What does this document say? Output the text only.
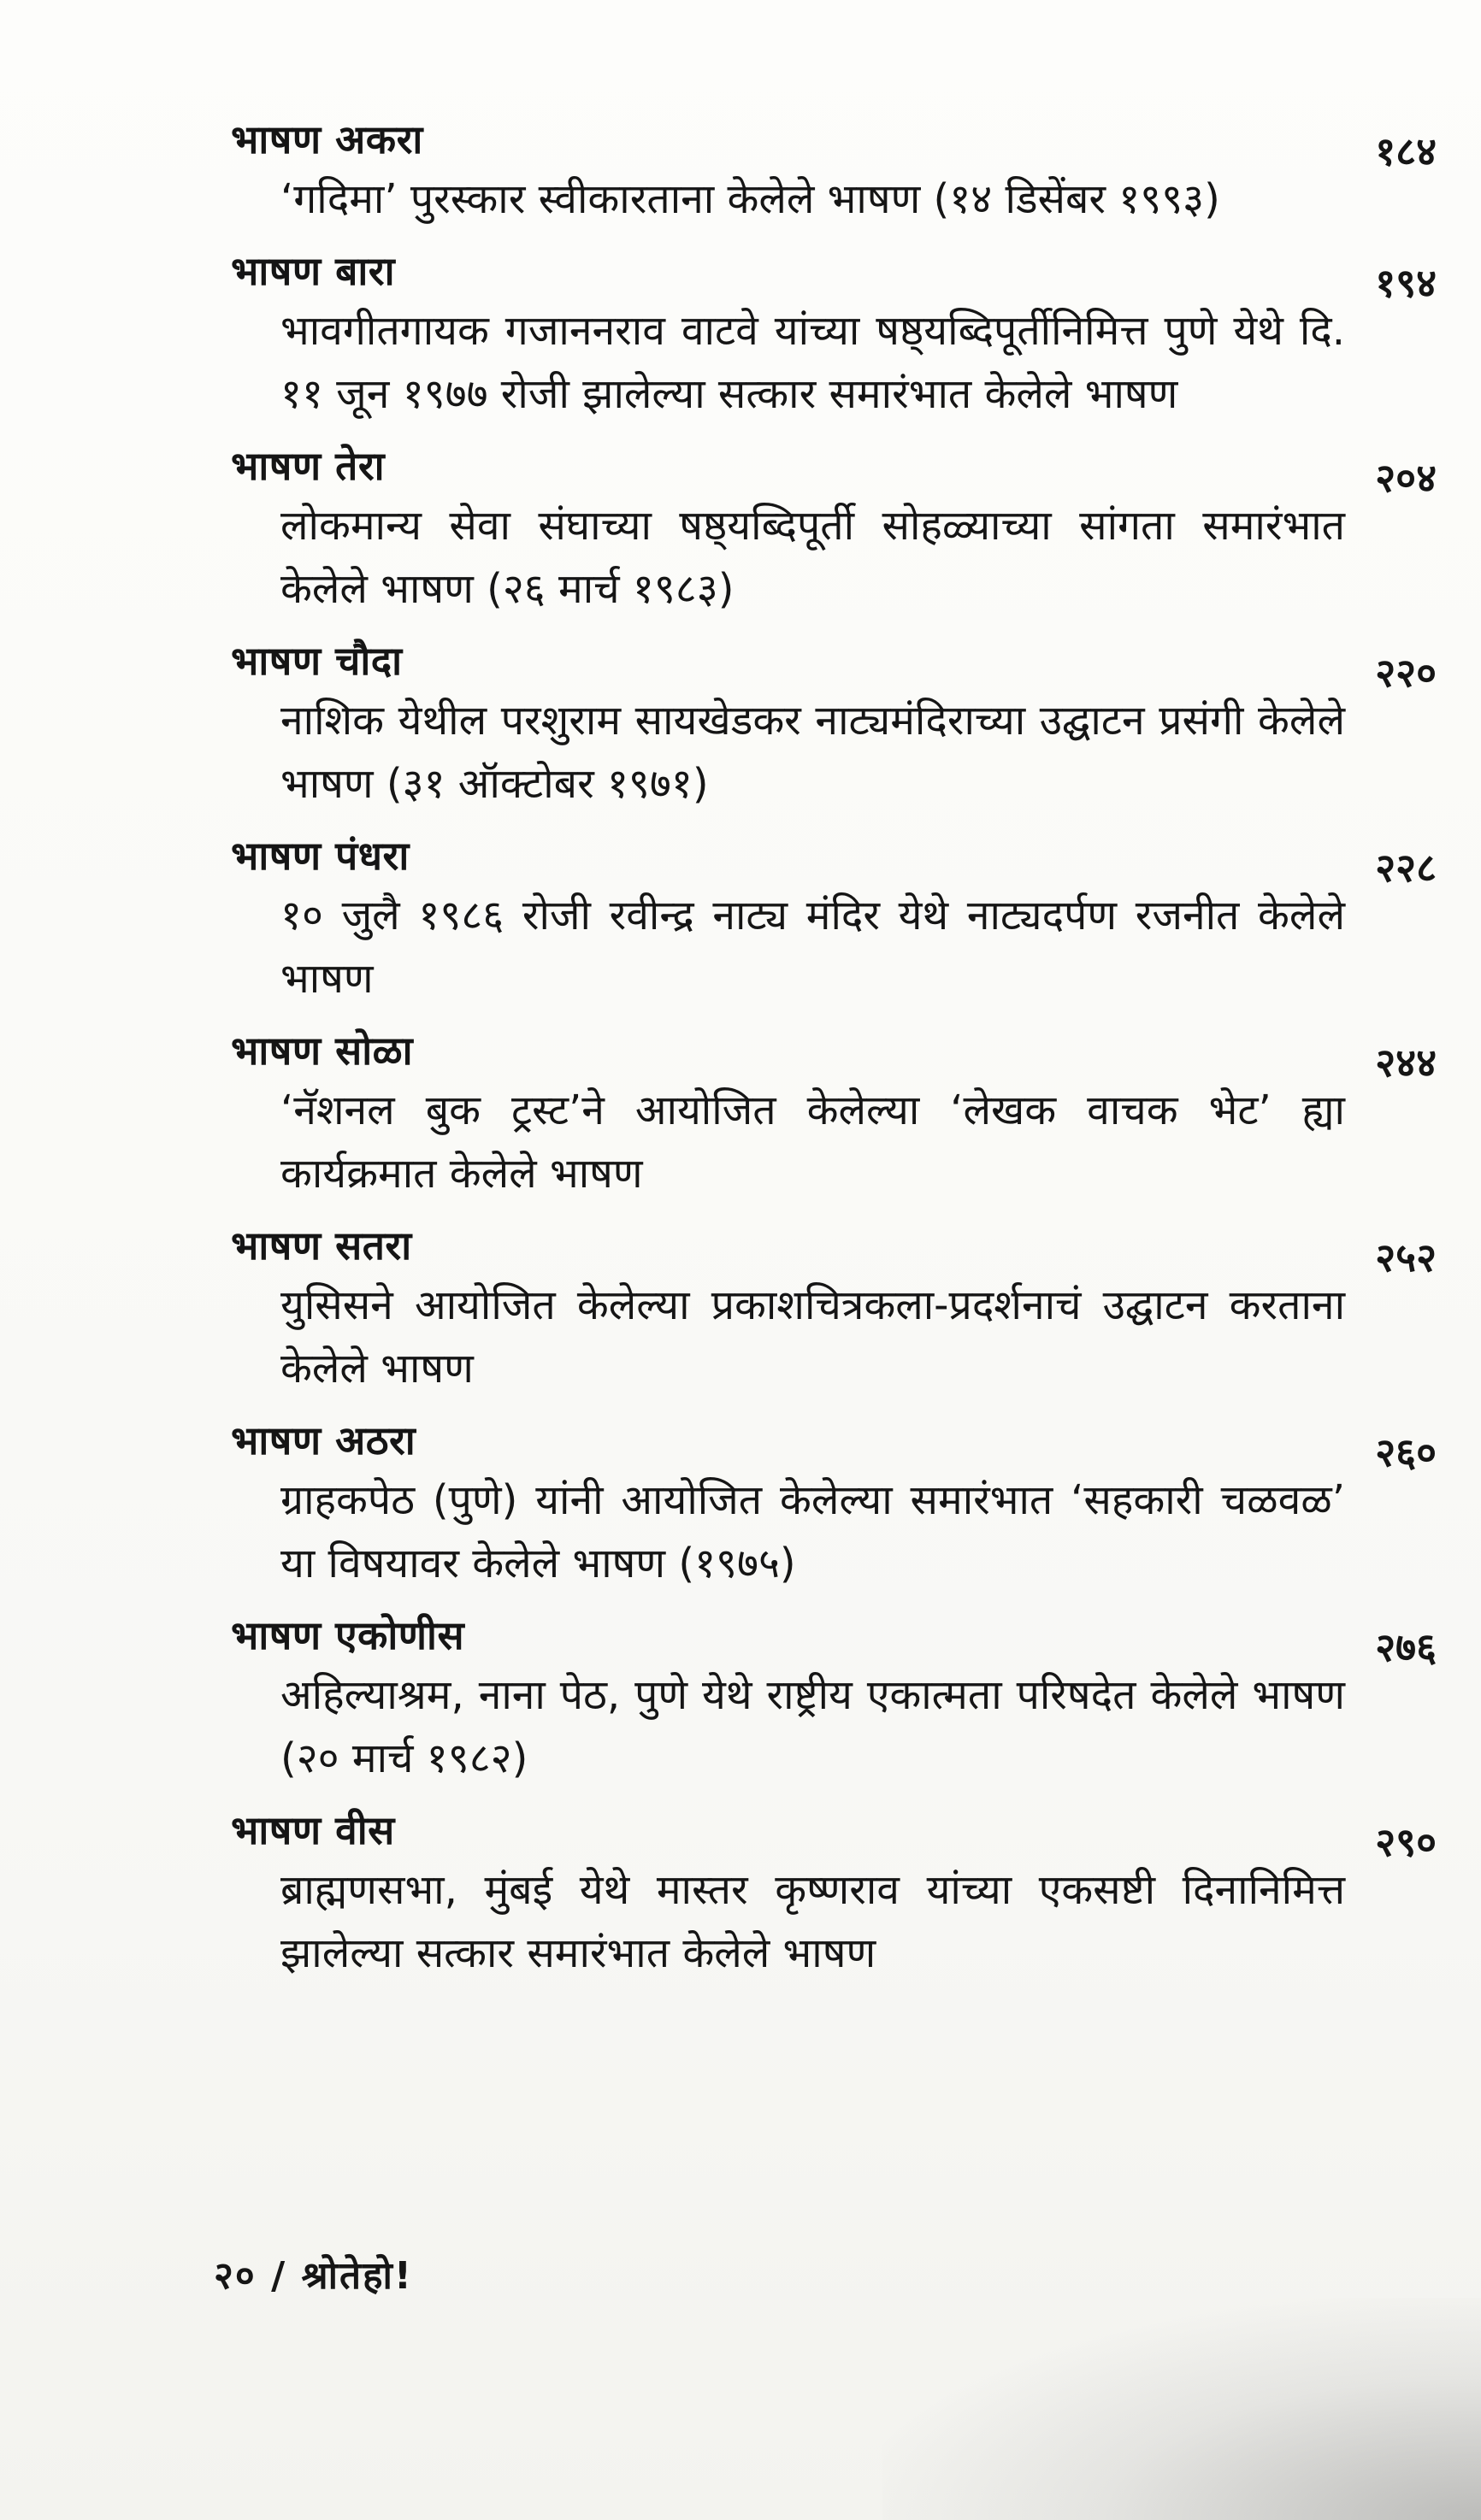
भाषण अकरा	१८४
‘गदिमा’ पुरस्कार स्वीकारताना केलेले भाषण (१४ डिसेंबर १९९३)
भाषण बारा	१९४
भावगीतगायक गजाननराव वाटवे यांच्या षष्ठ्यब्दिपूर्तीनिमित्त पुणे येथे दि. ११ जून १९७७ रोजी झालेल्या सत्कार समारंभात केलेले भाषण
भाषण तेरा	२०४
लोकमान्य सेवा संघाच्या षष्ठ्यब्दिपूर्ती सोहळ्याच्या सांगता समारंभात केलेले भाषण (२६ मार्च १९८३)
भाषण चौदा	२२०
नाशिक येथील परशुराम सायखेडकर नाट्यमंदिराच्या उद्घाटन प्रसंगी केलेले भाषण (३१ ऑक्टोबर १९७१)
भाषण पंधरा	२२८
१० जुलै १९८६ रोजी रवीन्द्र नाट्य मंदिर येथे नाट्यदर्पण रजनीत केलेले भाषण
भाषण सोळा	२४४
‘नॅशनल बुक ट्रस्ट’ने आयोजित केलेल्या ‘लेखक वाचक भेट’ ह्या कार्यक्रमात केलेले भाषण
भाषण सतरा	२५२
युसिसने आयोजित केलेल्या प्रकाशचित्रकला-प्रदर्शनाचं उद्घाटन करताना केलेले भाषण
भाषण अठरा	२६०
ग्राहकपेठ (पुणे) यांनी आयोजित केलेल्या समारंभात ‘सहकारी चळवळ’ या विषयावर केलेले भाषण (१९७५)
भाषण एकोणीस	२७६
अहिल्याश्रम, नाना पेठ, पुणे येथे राष्ट्रीय एकात्मता परिषदेत केलेले भाषण (२० मार्च १९८२)
भाषण वीस	२९०
ब्राह्मणसभा, मुंबई येथे मास्तर कृष्णराव यांच्या एकसष्टी दिनानिमित्त झालेल्या सत्कार समारंभात केलेले भाषण
२० / श्रोतेहो!
